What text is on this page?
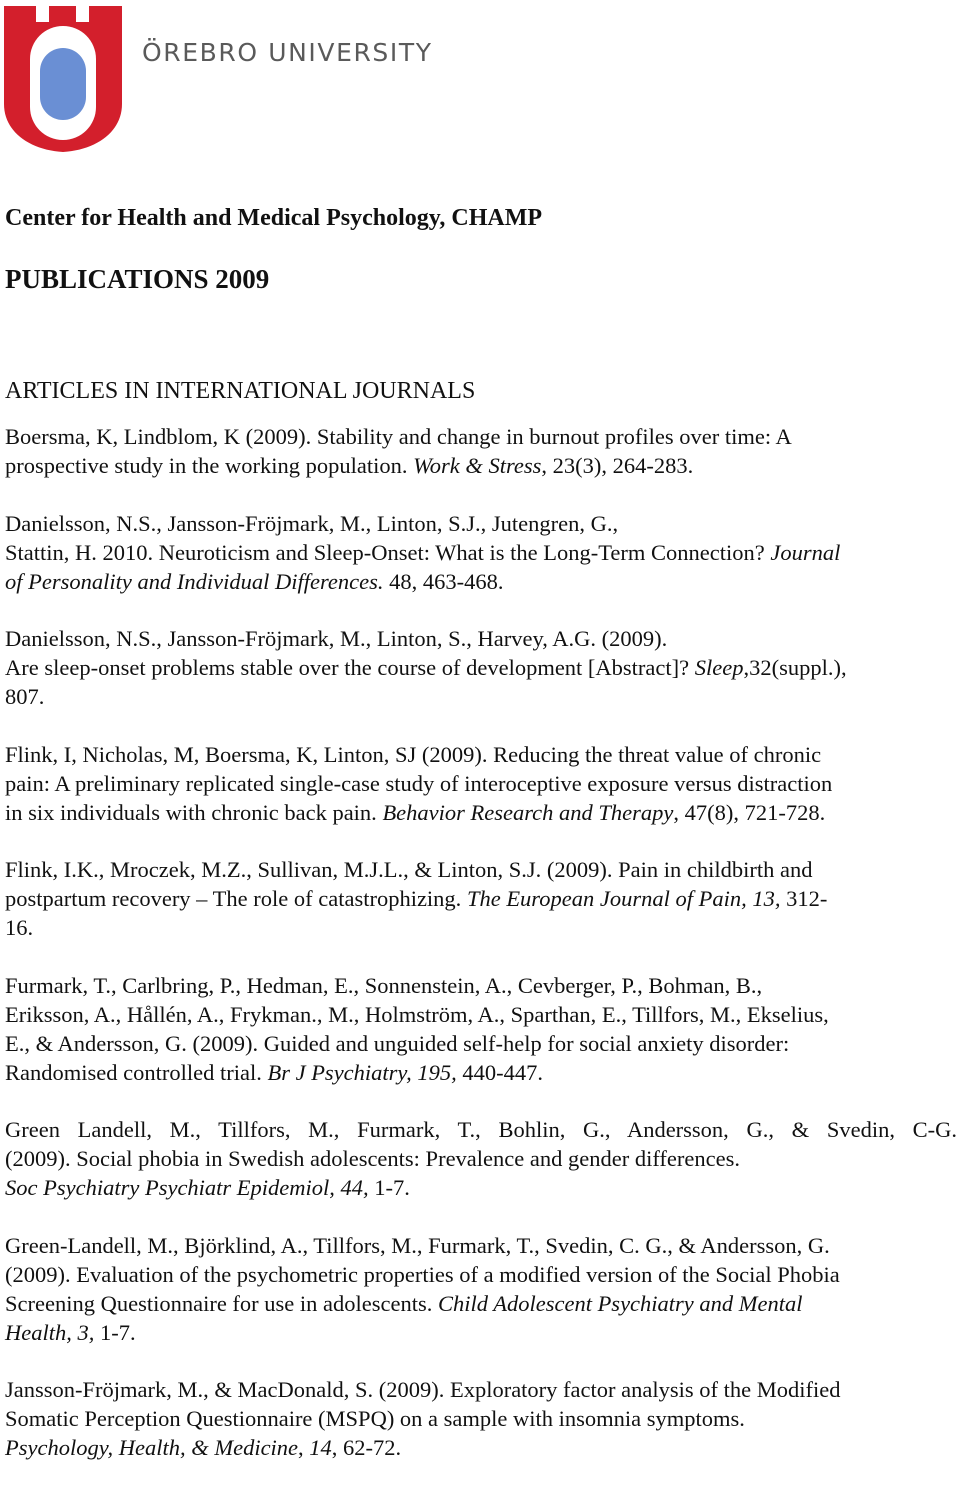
ÖREBRO UNIVERSITY
Center for Health and Medical Psychology, CHAMP
PUBLICATIONS 2009
ARTICLES IN INTERNATIONAL JOURNALS

Boersma, K, Lindblom, K (2009). Stability and change in burnout profiles over time: A

prospective study in the working population. Work & Stress, 23(3), 264-283.

Danielsson, N.S., Jansson-Fröjmark, M., Linton, S.J., Jutengren, G.,

Stattin, H. 2010. Neuroticism and Sleep-Onset: What is the Long-Term Connection? Journal

of Personality and Individual Differences. 48, 463-468.

Danielsson, N.S., Jansson-Fröjmark, M., Linton, S., Harvey, A.G. (2009).

Are sleep-onset problems stable over the course of development [Abstract]? Sleep,32(suppl.),

807.

Flink, I, Nicholas, M, Boersma, K, Linton, SJ (2009). Reducing the threat value of chronic

pain: A preliminary replicated single-case study of interoceptive exposure versus distraction

in six individuals with chronic back pain. Behavior Research and Therapy, 47(8), 721-728.

Flink, I.K., Mroczek, M.Z., Sullivan, M.J.L., & Linton, S.J. (2009). Pain in childbirth and

postpartum recovery – The role of catastrophizing. The European Journal of Pain, 13, 312-

16.

Furmark, T., Carlbring, P., Hedman, E., Sonnenstein, A., Cevberger, P., Bohman, B.,

Eriksson, A., Hållén, A., Frykman., M., Holmström, A., Sparthan, E., Tillfors, M., Ekselius,

E., & Andersson, G. (2009). Guided and unguided self-help for social anxiety disorder:

Randomised controlled trial. Br J Psychiatry, 195, 440-447.

Green Landell, M., Tillfors, M., Furmark, T., Bohlin, G., Andersson, G., & Svedin, C-G.

(2009). Social phobia in Swedish adolescents: Prevalence and gender differences.

Soc Psychiatry Psychiatr Epidemiol, 44, 1-7.

Green-Landell, M., Björklind, A., Tillfors, M., Furmark, T., Svedin, C. G., & Andersson, G.

(2009). Evaluation of the psychometric properties of a modified version of the Social Phobia

Screening Questionnaire for use in adolescents. Child Adolescent Psychiatry and Mental

Health, 3, 1-7.

Jansson-Fröjmark, M., & MacDonald, S. (2009). Exploratory factor analysis of the Modified

Somatic Perception Questionnaire (MSPQ) on a sample with insomnia symptoms.

Psychology, Health, & Medicine, 14, 62-72.
